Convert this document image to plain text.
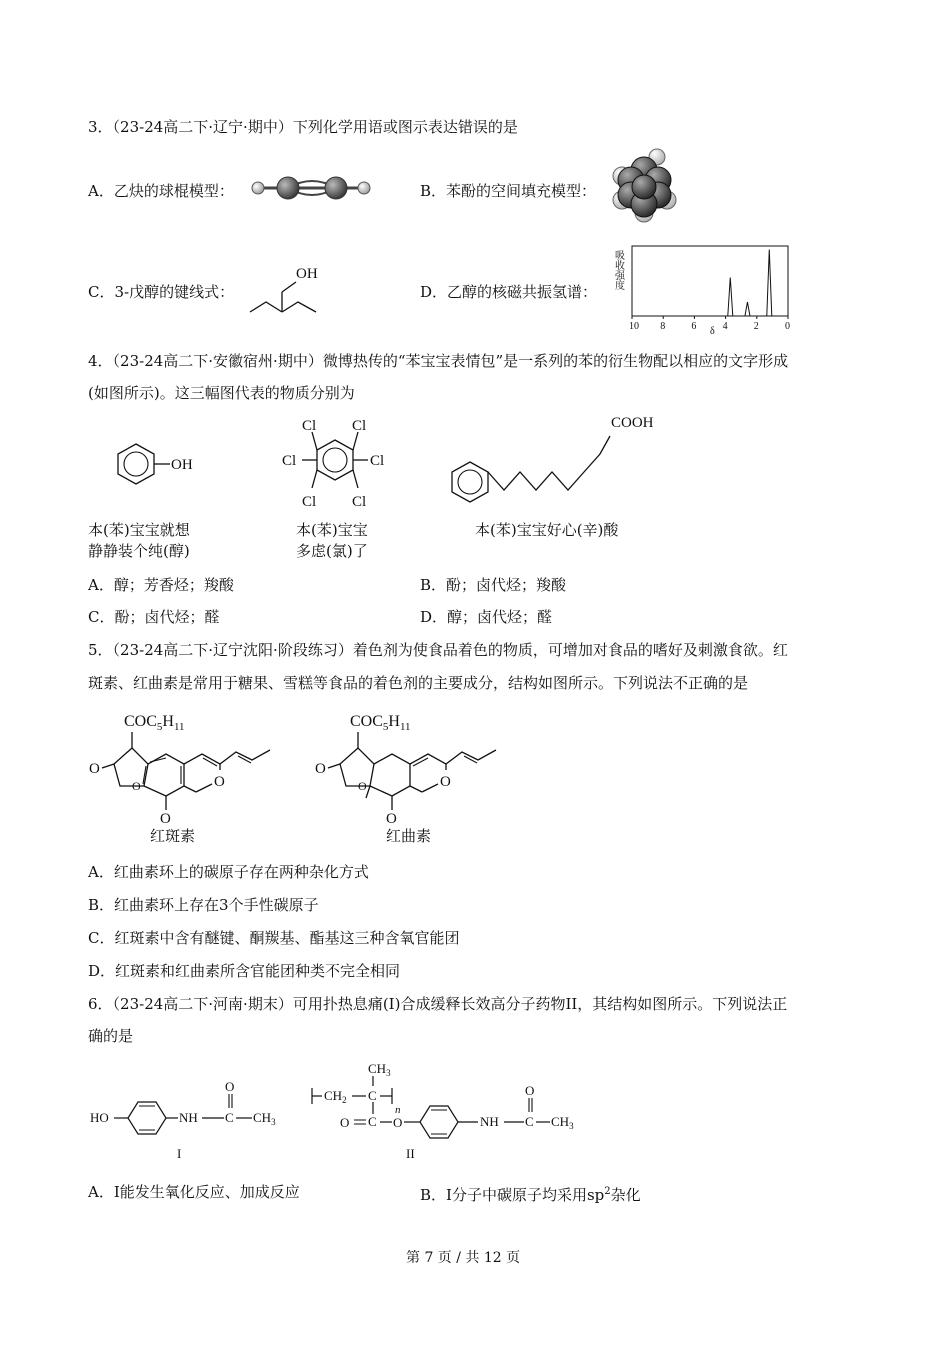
3．（23-24高二下·辽宁·期中）下列化学用语或图示表达错误的是
A．乙炔的球棍模型：	B．苯酚的空间填充模型：
C．3-戊醇的键线式：
OH
D．乙醇的核磁共振氢谱：
吸收强度
δ
10 8	6	4	2	0
4．（23-24高二下·安徽宿州·期中）微博热传的“苯宝宝表情包”是一系列的苯的衍生物配以相应的文字形成
(如图所示)。这三幅图代表的物质分别为
OH
本(苯)宝宝就想
静静装个纯(醇)
Cl Cl
Cl	Cl
Cl Cl
本(苯)宝宝
多虑(氯)了
COOH
本(苯)宝宝好心(辛)酸
A．醇；芳香烃；羧酸	B．酚；卤代烃；羧酸
C．酚；卤代烃；醛	D．醇；卤代烃；醛
5．（23-24高二下·辽宁沈阳·阶段练习）着色剂为使食品着色的物质，可增加对食品的嗜好及刺激食欲。红
斑素、红曲素是常用于糖果、雪糕等食品的着色剂的主要成分，结构如图所示。下列说法不正确的是
$COC_5H_{11}$
O
O
O
O
红斑素
$COC_5H_{11}$
O
O
O
O
红曲素
A．红曲素环上的碳原子存在两种杂化方式
B．红曲素环上存在3个手性碳原子
C．红斑素中含有醚键、酮羰基、酯基这三种含氧官能团
D．红斑素和红曲素所含官能团种类不完全相同
6．（23-24高二下·河南·期末）可用扑热息痛(I)合成缓释长效高分子药物II，其结构如图所示。下列说法正
确的是
HO	NH C
O
$CH_3$
I
$CH_2$ C
$CH_3$
n
C
O	O	NH C
O
$CH_3$
II
A．I能发生氧化反应、加成反应	B．I分子中碳原子均采用$sp^2$杂化
第 7 页 / 共 12 页
